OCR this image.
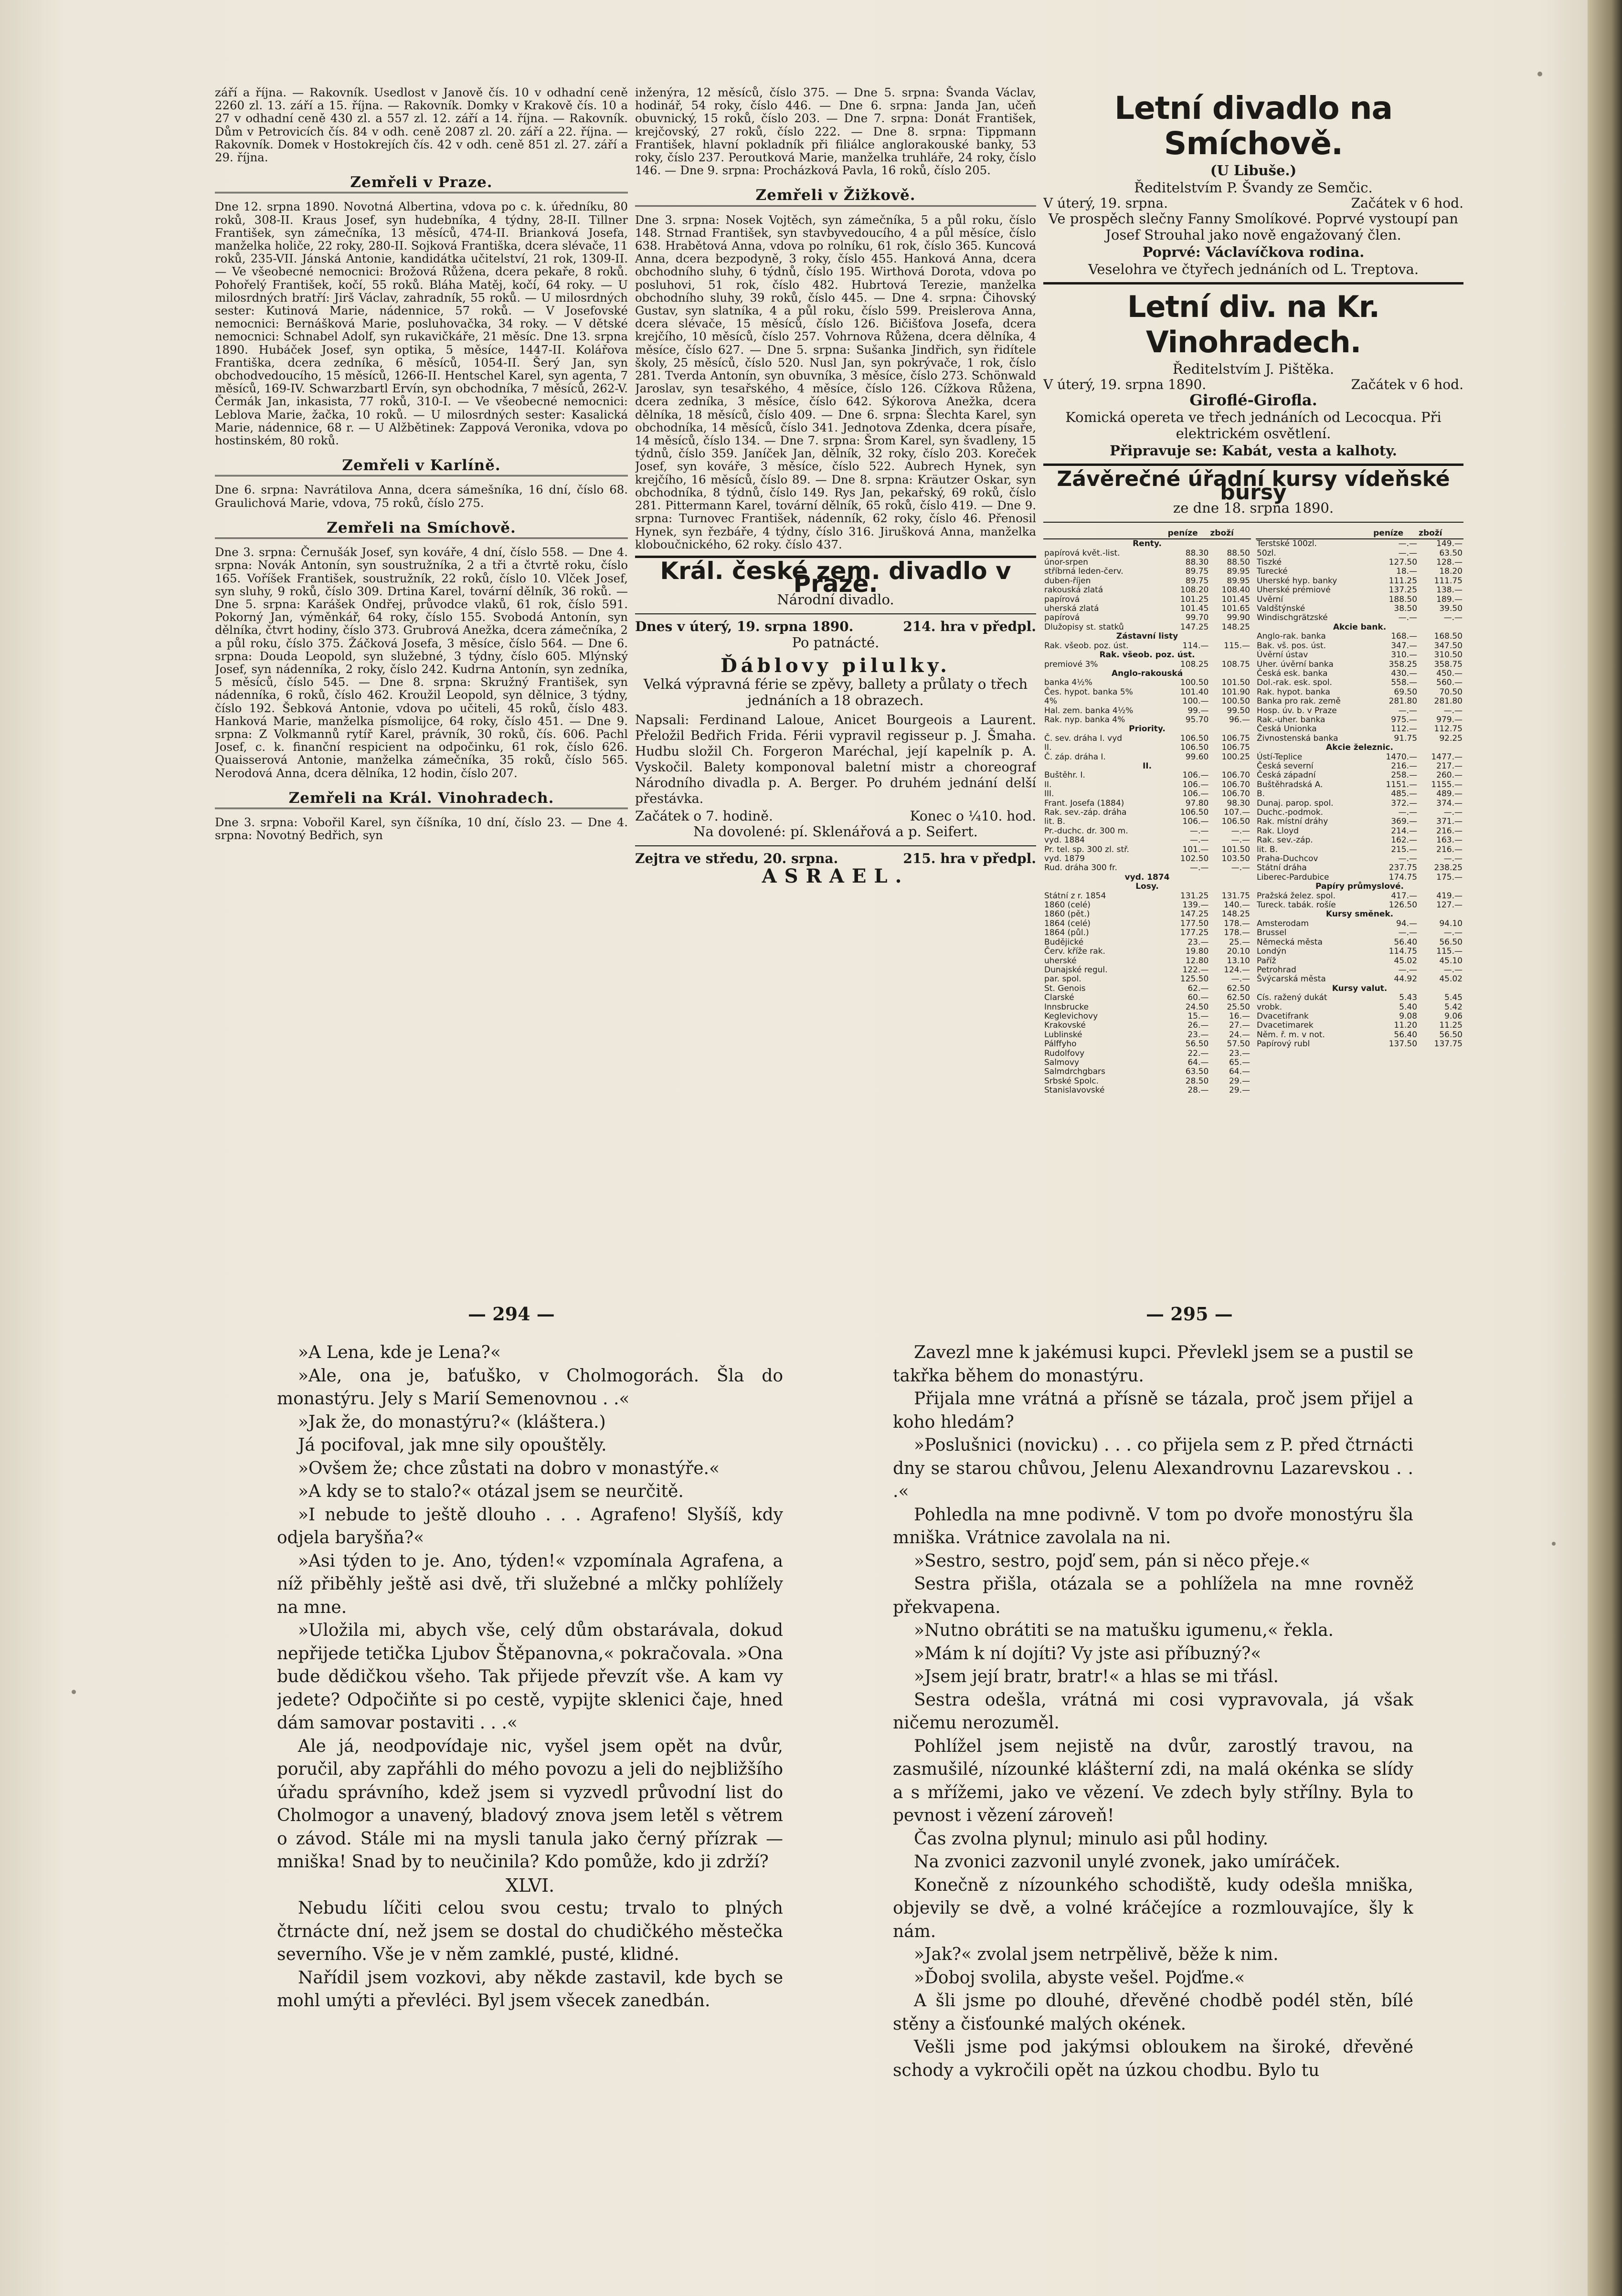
září a října. — Rakovník. Usedlost v Janově čís. 10 v odhadní ceně 2260 zl. 13. září a 15. října. — Rakovník. Domky v Krakově čís. 10 a 27 v odhadní ceně 430 zl. a 557 zl. 12. září a 14. října. — Rakovník. Dům v Petrovicích čís. 84 v odh. ceně 2087 zl. 20. září a 22. října. — Rakovník. Domek v Hostokrejích čís. 42 v odh. ceně 851 zl. 27. září a 29. října.

Zemřeli v Praze.

Dne 12. srpna 1890. Novotná Albertina, vdova po c. k. úředníku, 80 roků, 308-II. Kraus Josef, syn hudebníka, 4 týdny, 28-II. Tillner František, syn zámečníka, 13 měsíců, 474-II. Brianková Josefa, manželka holiče, 22 roky, 280-II. Sojková Františka, dcera slévače, 11 roků, 235-VII. Jánská Antonie, kandidátka učitelství, 21 rok, 1309-II. — Ve všeobecné nemocnici: Brožová Růžena, dcera pekaře, 8 roků. Pohořelý František, kočí, 55 roků. Bláha Matěj, kočí, 64 roky. — U milosrdných bratří: Jirš Václav, zahradník, 55 roků. — U milosrdných sester: Kutinová Marie, nádennice, 57 roků. — V Josefovské nemocnici: Bernášková Marie, posluhovačka, 34 roky. — V dětské nemocnici: Schnabel Adolf, syn rukavičkáře, 21 měsíc. Dne 13. srpna 1890. Hubáček Josef, syn optika, 5 měsíce, 1447-II. Kolářova Františka, dcera zedníka, 6 měsíců, 1054-II. Šerý Jan, syn obchodvedoucího, 15 měsíců, 1266-II. Hentschel Karel, syn agenta, 7 měsíců, 169-IV. Schwarzbartl Ervín, syn obchodníka, 7 měsíců, 262-V. Čermák Jan, inkasista, 77 roků, 310-I. — Ve všeobecné nemocnici: Leblova Marie, žačka, 10 roků. — U milosrdných sester: Kasalická Marie, nádennice, 68 r. — U Alžbětinek: Zappová Veronika, vdova po hostinském, 80 roků.

Zemřeli v Karlíně.

Dne 6. srpna: Navrátilova Anna, dcera sámešníka, 16 dní, číslo 68. Graulichová Marie, vdova, 75 roků, číslo 275.

Zemřeli na Smíchově.

Dne 3. srpna: Černušák Josef, syn kováře, 4 dní, číslo 558. — Dne 4. srpna: Novák Antonín, syn soustružníka, 2 a tři a čtvrtě roku, číslo 165. Voříšek František, soustružník, 22 roků, číslo 10. Vlček Josef, syn sluhy, 9 roků, číslo 309. Drtina Karel, tovární dělník, 36 roků. — Dne 5. srpna: Karášek Ondřej, průvodce vlaků, 61 rok, číslo 591. Pokorný Jan, výměnkář, 64 roky, číslo 155. Svobodá Antonín, syn dělníka, čtvrt hodiny, číslo 373. Grubrová Anežka, dcera zámečníka, 2 a půl roku, číslo 375. Žáčková Josefa, 3 měsíce, číslo 564. — Dne 6. srpna: Douda Leopold, syn služebné, 3 týdny, číslo 605. Mlýnský Josef, syn nádenníka, 2 roky, číslo 242. Kudrna Antonín, syn zedníka, 5 měsíců, číslo 545. — Dne 8. srpna: Skružný František, syn nádenníka, 6 roků, číslo 462. Kroužil Leopold, syn dělnice, 3 týdny, číslo 192. Šebková Antonie, vdova po učiteli, 45 roků, číslo 483. Hanková Marie, manželka písmolijce, 64 roky, číslo 451. — Dne 9. srpna: Z Volkmannů rytíř Karel, právník, 30 roků, čís. 606. Pachl Josef, c. k. finanční respicient na odpočinku, 61 rok, číslo 626. Quaisserová Antonie, manželka zámečníka, 35 roků, číslo 565. Nerodová Anna, dcera dělníka, 12 hodin, číslo 207.

Zemřeli na Král. Vinohradech.

Dne 3. srpna: Vobořil Karel, syn číšníka, 10 dní, číslo 23. — Dne 4. srpna: Novotný Bedřich, syn

inženýra, 12 měsíců, číslo 375. — Dne 5. srpna: Švanda Václav, hodinář, 54 roky, číslo 446. — Dne 6. srpna: Janda Jan, učeň obuvnický, 15 roků, číslo 203. — Dne 7. srpna: Donát František, krejčovský, 27 roků, číslo 222. — Dne 8. srpna: Tippmann František, hlavní pokladník při filiálce anglorakouské banky, 53 roky, číslo 237. Peroutková Marie, manželka truhláře, 24 roky, číslo 146. — Dne 9. srpna: Procházková Pavla, 16 roků, číslo 205.

Zemřeli v Žižkově.

Dne 3. srpna: Nosek Vojtěch, syn zámečníka, 5 a půl roku, číslo 148. Strnad František, syn stavbyvedoucího, 4 a půl měsíce, číslo 638. Hrabětová Anna, vdova po rolníku, 61 rok, číslo 365. Kuncová Anna, dcera bezpodyně, 3 roky, číslo 455. Hanková Anna, dcera obchodního sluhy, 6 týdnů, číslo 195. Wirthová Dorota, vdova po posluhovi, 51 rok, číslo 482. Hubrtová Terezie, manželka obchodního sluhy, 39 roků, číslo 445. — Dne 4. srpna: Čihovský Gustav, syn slatníka, 4 a půl roku, číslo 599. Preislerova Anna, dcera slévače, 15 měsíců, číslo 126. Bičišťova Josefa, dcera krejčího, 10 měsíců, číslo 257. Vohrnova Růžena, dcera dělníka, 4 měsíce, číslo 627. — Dne 5. srpna: Sušanka Jindřich, syn řidítele školy, 25 měsíců, číslo 520. Nusl Jan, syn pokrývače, 1 rok, číslo 281. Tverda Antonín, syn obuvníka, 3 měsíce, číslo 273. Schönwald Jaroslav, syn tesařského, 4 měsíce, číslo 126. Cížkova Růžena, dcera zedníka, 3 měsíce, číslo 642. Sýkorova Anežka, dcera dělníka, 18 měsíců, číslo 409. — Dne 6. srpna: Šlechta Karel, syn obchodníka, 14 měsíců, číslo 341. Jednotova Zdenka, dcera písaře, 14 měsíců, číslo 134. — Dne 7. srpna: Šrom Karel, syn švadleny, 15 týdnů, číslo 359. Janíček Jan, dělník, 32 roky, číslo 203. Koreček Josef, syn kováře, 3 měsíce, číslo 522. Aubrech Hynek, syn krejčího, 16 měsíců, číslo 89. — Dne 8. srpna: Kräutzer Oskar, syn obchodníka, 8 týdnů, číslo 149. Rys Jan, pekařský, 69 roků, číslo 281. Pittermann Karel, tovární dělník, 65 roků, číslo 419. — Dne 9. srpna: Turnovec František, nádenník, 62 roky, číslo 46. Přenosil Hynek, syn řezbáře, 4 týdny, číslo 316. Jirušková Anna, manželka kloboučnického, 62 roky. číslo 437.

Král. české zem. divadlo v Praze.
Národní divadlo.
Dnes v úterý, 19. srpna 1890.	214. hra v předpl.
Po patnácté.
Ďáblovy pilulky.
Velká výpravná férie se zpěvy, ballety a průlaty o třech jednáních a 18 obrazech.

Napsali: Ferdinand Laloue, Anicet Bourgeois a Laurent. Přeložil Bedřich Frida. Férii vypravil regisseur p. J. Šmaha. Hudbu složil Ch. Forgeron Maréchal, její kapelník p. A. Vyskočil. Balety komponoval baletní mistr a choreograf Národního divadla p. A. Berger. Po druhém jednání delší přestávka.

Začátek o 7. hodině.	Konec o ¼10. hod.
Na dovolené: pí. Sklenářová a p. Seifert.
Zejtra ve středu, 20. srpna.	215. hra v předpl.
ASRAEL.
Letní divadlo na Smíchově.
(U Libuše.)
Ředitelstvím P. Švandy ze Semčic.
V úterý, 19. srpna.	Začátek v 6 hod.
Ve prospěch slečny Fanny Smolíkové. Poprvé vystoupí pan Josef Strouhal jako nově engažovaný člen.
Poprvé: Václavíčkova rodina.
Veselohra ve čtyřech jednáních od L. Treptova.
Letní div. na Kr. Vinohradech.
Ředitelstvím J. Pištěka.
V úterý, 19. srpna 1890.	Začátek v 6 hod.
Giroflé-Girofla.
Komická opereta ve třech jednáních od Lecocqua. Při elektrickém osvětlení.
Připravuje se: Kabát, vesta a kalhoty.
Závěrečné úřadní kursy vídeňské bursy
ze dne 18. srpna 1890.
	peníze	zboží
Renty.		
papírová květ.-list.	88.30	88.50
únor-srpen	88.30	88.50
stříbrná leden-červ.	89.75	89.95
duben-říjen	89.75	89.95
rakouská zlatá	108.20	108.40
papírová	101.25	101.45
uherská zlatá	101.45	101.65
papírová	99.70	99.90
Dlužopisy st. statků	147.25	148.25
Zástavní listy		
Rak. všeob. poz. úst.	114.—	115.—
Rak. všeob. poz. úst.		
premiové 3%	108.25	108.75
Anglo-rakouská		
banka 4½%	100.50	101.50
Čes. hypot. banka 5%	101.40	101.90
4%	100.—	100.50
Hal. zem. banka 4½%	99.—	99.50
Rak. nyp. banka 4%	95.70	96.—
Priority.		
Č. sev. dráha I. vyd	106.50	106.75
II.	106.50	106.75
Č. záp. dráha I.	99.60	100.25
II.		
Buštěhr. I.	106.—	106.70
II.	106.—	106.70
III.	106.—	106.70
Frant. Josefa (1884)	97.80	98.30
Rak. sev.-záp. dráha	106.50	107.—
lit. B.	106.—	106.50
Pr.-duchc. dr. 300 m.	—.—	—.—
vyd. 1884	—.—	—.—
Pr. tel. sp. 300 zl. stř.	101.—	101.50
vyd. 1879	102.50	103.50
Rud. dráha 300 fr.	—.—	—.—
vyd. 1874		
Losy.		
Státní z r. 1854	131.25	131.75
1860 (celé)	139.—	140.—
1860 (pět.)	147.25	148.25
1864 (celé)	177.50	178.—
1864 (půl.)	177.25	178.—
Budějické	23.—	25.—
Červ. kříže rak.	19.80	20.10
uherské	12.80	13.10
Dunajské regul.	122.—	124.—
par. spol.	125.50	—.—
St. Genois	62.—	62.50
Clarské	60.—	62.50
Innsbrucke	24.50	25.50
Keglevichovy	15.—	16.—
Krakovské	26.—	27.—
Lublinské	23.—	24.—
Pálffyho	56.50	57.50
Rudolfovy	22.—	23.—
Salmovy	64.—	65.—
Salmdrchgbars	63.50	64.—
Srbské Spolc.	28.50	29.—
Stanislavovské	28.—	29.—
	peníze	zboží
Terstské 100zl.	—.—	149.—
50zl.	—.—	63.50
Tiszké	127.50	128.—
Turecké	18.—	18.20
Uherské hyp. banky	111.25	111.75
Uherské prémiové	137.25	138.—
Uvěrní	188.50	189.—
Valdštýnské	38.50	39.50
Windischgrätzské	—.—	—.—
Akcie bank.		
Anglo-rak. banka	168.—	168.50
Bak. vš. pos. úst.	347.—	347.50
Úvěrní ústav	310.—	310.50
Uher. úvěrní banka	358.25	358.75
Česká esk. banka	430.—	450.—
Dol.-rak. esk. spol.	558.—	560.—
Rak. hypot. banka	69.50	70.50
Banka pro rak. země	281.80	281.80
Hosp. úv. b. v Praze	—.—	—.—
Rak.-uher. banka	975.—	979.—
Česká Unionka	112.—	112.75
Živnostenská banka	91.75	92.25
Akcie železnic.		
Ústí-Teplice	1470.—	1477.—
Česká severní	216.—	217.—
Česká západní	258.—	260.—
Buštěhradská A.	1151.—	1155.—
B.	485.—	489.—
Dunaj. parop. spol.	372.—	374.—
Duchc.-podmok.	—.—	—.—
Rak. místní dráhy	369.—	371.—
Rak. Lloyd	214.—	216.—
Rak. sev.-záp.	162.—	163.—
lit. B.	215.—	216.—
Praha-Duchcov	—.—	—.—
Státní dráha	237.75	238.25
Liberec-Pardubice	174.75	175.—
Papíry průmyslové.		
Pražská želez. spol.	417.—	419.—
Tureck. tabák. rošíe	126.50	127.—
Kursy směnek.		
Amsterodam	94.—	94.10
Brussel	—.—	—.—
Německá města	56.40	56.50
Londýn	114.75	115.—
Paříž	45.02	45.10
Petrohrad	—.—	—.—
Švýcarská města	44.92	45.02
Kursy valut.		
Cís. ražený dukát	5.43	5.45
vrobk.	5.40	5.42
Dvacetifrank	9.08	9.06
Dvacetimarek	11.20	11.25
Něm. ř. m. v not.	56.40	56.50
Papírový rubl	137.50	137.75
— 294 —	— 295 —

»A Lena, kde je Lena?«

»Ale, ona je, baťuško, v Cholmogorách. Šla do monastýru. Jely s Marií Semenovnou . .«

»Jak že, do monastýru?« (kláštera.)

Já pocifoval, jak mne sily opouštěly.

»Ovšem že; chce zůstati na dobro v monastýře.«

»A kdy se to stalo?« otázal jsem se neurčitě.

»I nebude to ještě dlouho . . . Agrafeno! Slyšíš, kdy odjela baryšňa?«

»Asi týden to je. Ano, týden!« vzpomínala Agrafena, a níž přiběhly ještě asi dvě, tři služebné a mlčky pohlížely na mne.

»Uložila mi, abych vše, celý dům obstarávala, dokud nepřijede tetička Ljubov Štěpanovna,« pokračovala. »Ona bude dědičkou všeho. Tak přijede převzít vše. A kam vy jedete? Odpočiňte si po cestě, vypijte sklenici čaje, hned dám samovar postaviti . . .«

Ale já, neodpovídaje nic, vyšel jsem opět na dvůr, poručil, aby zapřáhli do mého povozu a jeli do nejbližšího úřadu správního, kdež jsem si vyzvedl průvodní list do Cholmogor a unavený, bladový znova jsem letěl s větrem o závod. Stále mi na mysli tanula jako černý přízrak — mniška! Snad by to neučinila? Kdo pomůže, kdo ji zdrží?

XLVI.

Nebudu líčiti celou svou cestu; trvalo to plných čtrnácte dní, než jsem se dostal do chudičkého městečka severního. Vše je v něm zamklé, pusté, klidné.

Nařídil jsem vozkovi, aby někde zastavil, kde bych se mohl umýti a převléci. Byl jsem všecek zanedbán.

Zavezl mne k jakémusi kupci. Převlekl jsem se a pustil se takřka během do monastýru.

Přijala mne vrátná a přísně se tázala, proč jsem přijel a koho hledám?

»Poslušnici (novicku) . . . co přijela sem z P. před čtrnácti dny se starou chůvou, Jelenu Alexandrovnu Lazarevskou . . .«

Pohledla na mne podivně. V tom po dvoře monostýru šla mniška. Vrátnice zavolala na ni.

»Sestro, sestro, pojď sem, pán si něco přeje.«

Sestra přišla, otázala se a pohlížela na mne rovněž překvapena.

»Nutno obrátiti se na matušku igumenu,« řekla.

»Mám k ní dojíti? Vy jste asi příbuzný?«

»Jsem její bratr, bratr!« a hlas se mi třásl.

Sestra odešla, vrátná mi cosi vypravovala, já však ničemu nerozuměl.

Pohlížel jsem nejistě na dvůr, zarostlý travou, na zasmušilé, nízounké klášterní zdi, na malá okénka se slídy a s mřížemi, jako ve vězení. Ve zdech byly střílny. Byla to pevnost i vězení zároveň!

Čas zvolna plynul; minulo asi půl hodiny.

Na zvonici zazvonil unylé zvonek, jako umíráček.

Konečně z nízounkého schodiště, kudy odešla mniška, objevily se dvě, a volné kráčejíce a rozmlouvajíce, šly k nám.

»Jak?« zvolal jsem netrpělivě, běže k nim.

»Ďoboj svolila, abyste vešel. Pojďme.«

A šli jsme po dlouhé, dřevěné chodbě podél stěn, bílé stěny a čisťounké malých okének.

Vešli jsme pod jakýmsi obloukem na široké, dřevěné schody a vykročili opět na úzkou chodbu. Bylo tu
